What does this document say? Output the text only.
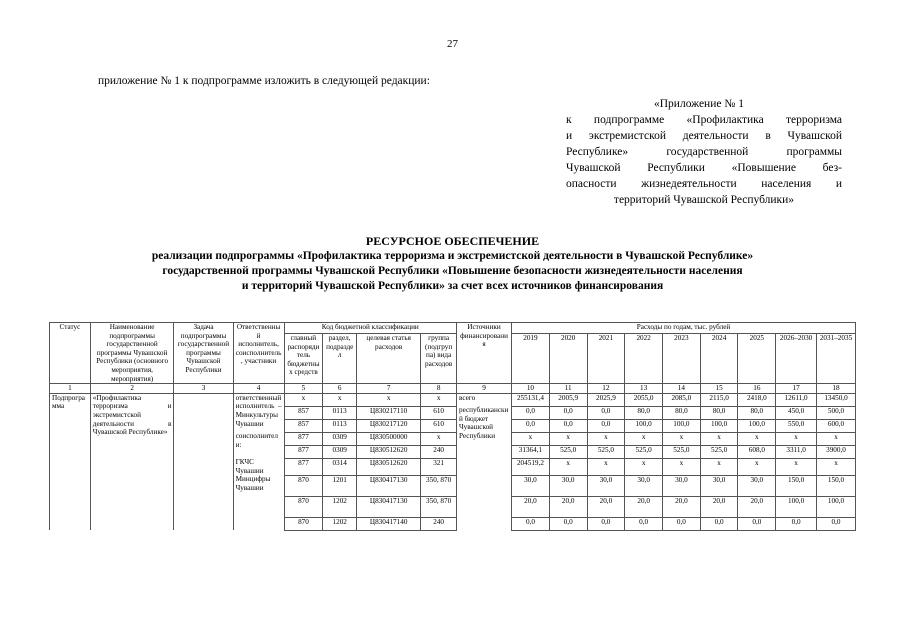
27
приложение № 1 к подпрограмме изложить в следующей редакции:
«Приложение № 1
к подпрограмме «Профилактика терроризма
и экстремистской деятельности в Чувашской
Республике» государственной программы
Чувашской Республики «Повышение без-
опасности жизнедеятельности населения и
территорий Чувашской Республики»
РЕСУРСНОЕ ОБЕСПЕЧЕНИЕ
реализации подпрограммы «Профилактика терроризма и экстремистской деятельности в Чувашской Республике»
государственной программы Чувашской Республики «Повышение безопасности жизнедеятельности населения
и территорий Чувашской Республики» за счет всех источников финансирования
Статус	Наименование подпрограммы государственной программы Чувашской Республики (основного мероприятия, мероприятия)	Задача подпрограммы государственной программы Чувашской Республики	Ответственный исполнитель, соисполнитель, участники	Код бюджетной классификации				Источники финансирования	Расходы по годам, тыс. рублей								
				главный распорядитель бюджетных средств	раздел, подраздел	целевая статья расходов	группа (подгруппа) вида расходов		2019	2020	2021	2022	2023	2024	2025	2026–2030	2031–2035
1	2	3	4	5	6	7	8	9	10	11	12	13	14	15	16	17	18
Подпрограмма	«Профилактика терроризма и экстремистской деятельности в Чувашской Республике»		ответственный исполнитель – Минкультуры Чувашии	x	x	x	x	всего	255131,4	2005,9	2025,9	2055,0	2085,0	2115,0	2418,0	12611,0	13450,0
				857	0113	Ц830217110	610	республиканский бюджет Чувашской Республики	0,0	0,0	0,0	80,0	80,0	80,0	80,0	450,0	500,0
				857	0113	Ц830217120	610		0,0	0,0	0,0	100,0	100,0	100,0	100,0	550,0	600,0
			соисполнители:	877	0309	Ц830500000	x		x	x	x	x	x	x	x	x	x
				877	0309	Ц830512620	240		31364,1	525,0	525,0	525,0	525,0	525,0	608,0	3311,0	3900,0
			ГКЧС Чувашии	877	0314	Ц830512620	321		204519,2	x	x	x	x	x	x	x	x
			Минцифры Чувашии	870	1201	Ц830417130	350, 870		30,0	30,0	30,0	30,0	30,0	30,0	30,0	150,0	150,0
				870	1202	Ц830417130	350, 870		20,0	20,0	20,0	20,0	20,0	20,0	20,0	100,0	100,0
				870	1202	Ц830417140	240		0,0	0,0	0,0	0,0	0,0	0,0	0,0	0,0	0,0
